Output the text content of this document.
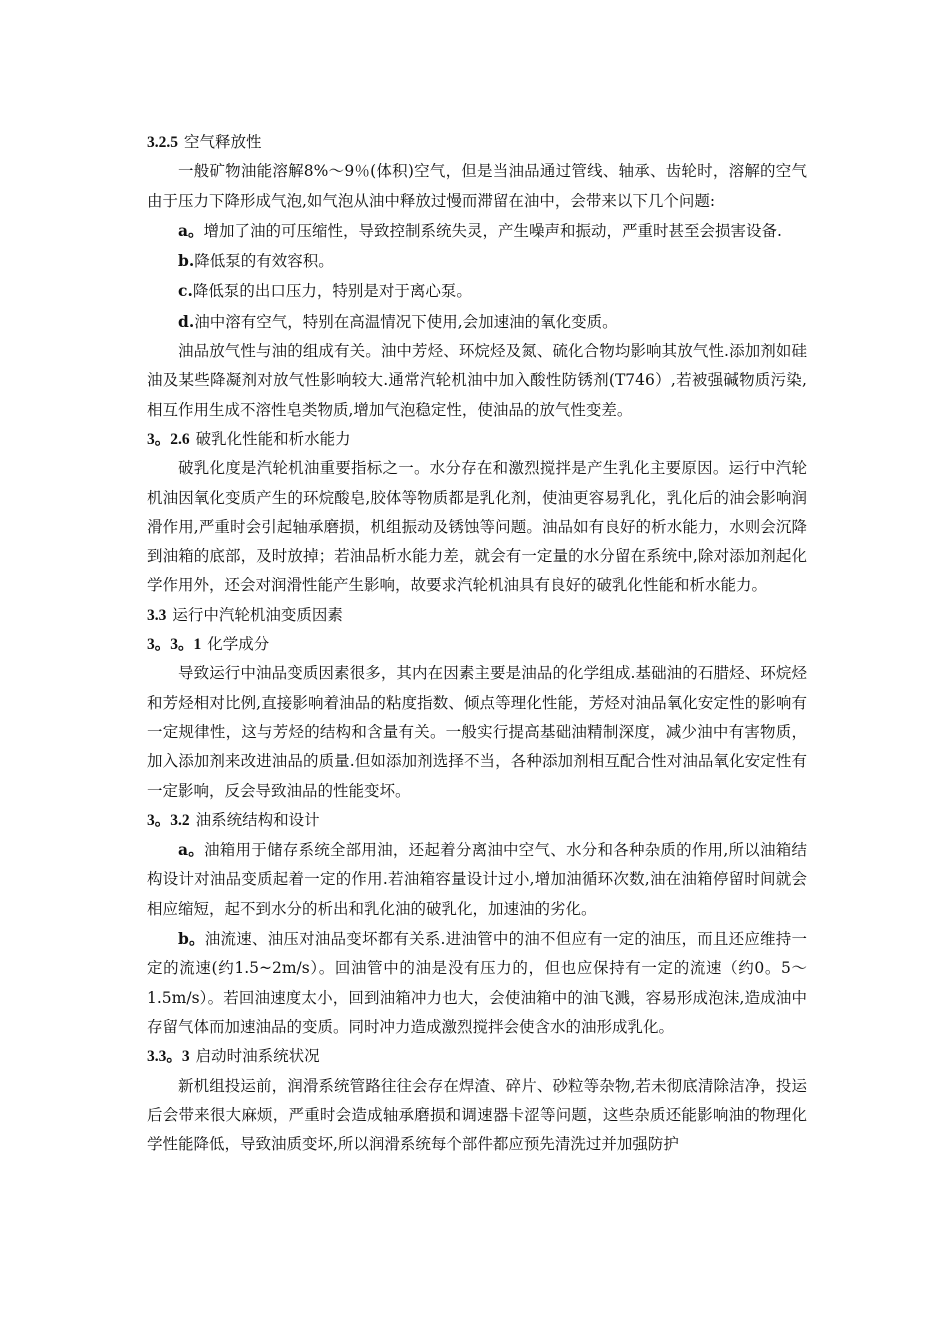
3.2.5 空气释放性

一般矿物油能溶解8%～9％(体积)空气，但是当油品通过管线、轴承、齿轮时，溶解的空气由于压力下降形成气泡,如气泡从油中释放过慢而滞留在油中，会带来以下几个问题:

a。增加了油的可压缩性，导致控制系统失灵，产生噪声和振动，严重时甚至会损害设备.

b.降低泵的有效容积。

c.降低泵的出口压力，特别是对于离心泵。

d.油中溶有空气，特别在高温情况下使用,会加速油的氧化变质。

油品放气性与油的组成有关。油中芳烃、环烷烃及氮、硫化合物均影响其放气性.添加剂如硅油及某些降凝剂对放气性影响较大.通常汽轮机油中加入酸性防锈剂(T746）,若被强碱物质污染,相互作用生成不溶性皂类物质,增加气泡稳定性，使油品的放气性变差。

3。2.6 破乳化性能和析水能力

破乳化度是汽轮机油重要指标之一。水分存在和激烈搅拌是产生乳化主要原因。运行中汽轮机油因氧化变质产生的环烷酸皂,胶体等物质都是乳化剂，使油更容易乳化，乳化后的油会影响润滑作用,严重时会引起轴承磨损，机组振动及锈蚀等问题。油品如有良好的析水能力，水则会沉降到油箱的底部，及时放掉；若油品析水能力差，就会有一定量的水分留在系统中,除对添加剂起化学作用外，还会对润滑性能产生影响，故要求汽轮机油具有良好的破乳化性能和析水能力。

3.3 运行中汽轮机油变质因素

3。3。1 化学成分

导致运行中油品变质因素很多，其内在因素主要是油品的化学组成.基础油的石腊烃、环烷烃和芳烃相对比例,直接影响着油品的粘度指数、倾点等理化性能，芳烃对油品氧化安定性的影响有一定规律性，这与芳烃的结构和含量有关。一般实行提高基础油精制深度，减少油中有害物质，加入添加剂来改进油品的质量.但如添加剂选择不当，各种添加剂相互配合性对油品氧化安定性有一定影响，反会导致油品的性能变坏。

3。3.2 油系统结构和设计

a。油箱用于储存系统全部用油，还起着分离油中空气、水分和各种杂质的作用,所以油箱结构设计对油品变质起着一定的作用.若油箱容量设计过小,增加油循环次数,油在油箱停留时间就会相应缩短，起不到水分的析出和乳化油的破乳化，加速油的劣化。

b。油流速、油压对油品变坏都有关系.进油管中的油不但应有一定的油压，而且还应维持一定的流速(约1.5~2m/s）。回油管中的油是没有压力的，但也应保持有一定的流速（约0。5～1.5m/s）。若回油速度太小，回到油箱冲力也大，会使油箱中的油飞溅，容易形成泡沫,造成油中存留气体而加速油品的变质。同时冲力造成激烈搅拌会使含水的油形成乳化。

3.3。3 启动时油系统状况

新机组投运前，润滑系统管路往往会存在焊渣、碎片、砂粒等杂物,若未彻底清除洁净，投运后会带来很大麻烦，严重时会造成轴承磨损和调速器卡涩等问题，这些杂质还能影响油的物理化学性能降低，导致油质变坏,所以润滑系统每个部件都应预先清洗过并加强防护
